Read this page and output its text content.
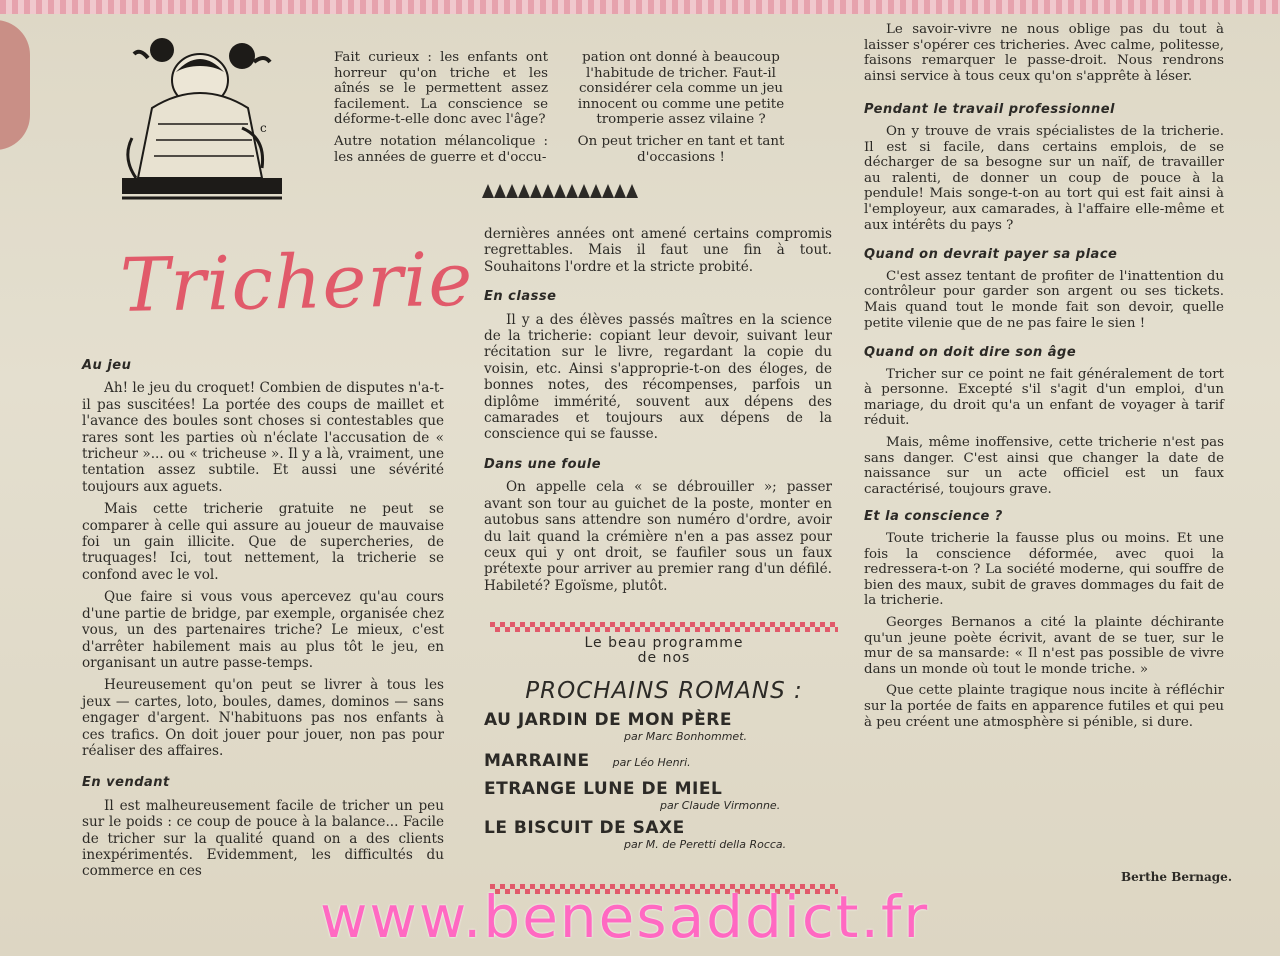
c

Fait curieux : les enfants ont horreur qu'on triche et les aînés se le permettent assez facilement. La conscience se déforme-t-elle donc avec l'âge?

Autre notation mélancolique : les années de guerre et d'occu-

pation ont donné à beaucoup l'habitude de tricher. Faut-il considérer cela comme un jeu innocent ou comme une petite tromperie assez vilaine ?

On peut tricher en tant et tant d'occasions !

Tricherie
Au jeu

Ah! le jeu du croquet! Combien de disputes n'a-t-il pas suscitées! La portée des coups de maillet et l'avance des boules sont choses si contestables que rares sont les parties où n'éclate l'accusation de « tricheur »... ou « tricheuse ». Il y a là, vraiment, une tentation assez subtile. Et aussi une sévérité toujours aux aguets.

Mais cette tricherie gratuite ne peut se comparer à celle qui assure au joueur de mauvaise foi un gain illicite. Que de supercheries, de truquages! Ici, tout nettement, la tricherie se confond avec le vol.

Que faire si vous vous apercevez qu'au cours d'une partie de bridge, par exemple, organisée chez vous, un des partenaires triche? Le mieux, c'est d'arrêter habilement mais au plus tôt le jeu, en organisant un autre passe-temps.

Heureusement qu'on peut se livrer à tous les jeux — cartes, loto, boules, dames, dominos — sans engager d'argent. N'habituons pas nos enfants à ces trafics. On doit jouer pour jouer, non pas pour réaliser des affaires.

En vendant

Il est malheureusement facile de tricher un peu sur le poids : ce coup de pouce à la balance... Facile de tricher sur la qualité quand on a des clients inexpérimentés. Evidemment, les difficultés du commerce en ces

dernières années ont amené certains compromis regrettables. Mais il faut une fin à tout. Souhaitons l'ordre et la stricte probité.

En classe

Il y a des élèves passés maîtres en la science de la tricherie: copiant leur devoir, suivant leur récitation sur le livre, regardant la copie du voisin, etc. Ainsi s'approprie-t-on des éloges, de bonnes notes, des récompenses, parfois un diplôme immérité, souvent aux dépens des camarades et toujours aux dépens de la conscience qui se fausse.

Dans une foule

On appelle cela « se débrouiller »; passer avant son tour au guichet de la poste, monter en autobus sans attendre son numéro d'ordre, avoir du lait quand la crémière n'en a pas assez pour ceux qui y ont droit, se faufiler sous un faux prétexte pour arriver au premier rang d'un défilé. Habileté? Egoïsme, plutôt.

Le beau programme
de nos
PROCHAINS ROMANS :
AU JARDIN DE MON PÈRE
par Marc Bonhommet.
MARRAINE par Léo Henri.
ETRANGE LUNE DE MIEL
par Claude Virmonne.
LE BISCUIT DE SAXE
par M. de Peretti della Rocca.

Le savoir-vivre ne nous oblige pas du tout à laisser s'opérer ces tricheries. Avec calme, politesse, faisons remarquer le passe-droit. Nous rendrons ainsi service à tous ceux qu'on s'apprête à léser.

Pendant le travail professionnel

On y trouve de vrais spécialistes de la tricherie. Il est si facile, dans certains emplois, de se décharger de sa besogne sur un naïf, de travailler au ralenti, de donner un coup de pouce à la pendule! Mais songe-t-on au tort qui est fait ainsi à l'employeur, aux camarades, à l'affaire elle-même et aux intérêts du pays ?

Quand on devrait payer sa place

C'est assez tentant de profiter de l'inattention du contrôleur pour garder son argent ou ses tickets. Mais quand tout le monde fait son devoir, quelle petite vilenie que de ne pas faire le sien !

Quand on doit dire son âge

Tricher sur ce point ne fait généralement de tort à personne. Excepté s'il s'agit d'un emploi, d'un mariage, du droit qu'a un enfant de voyager à tarif réduit.

Mais, même inoffensive, cette tricherie n'est pas sans danger. C'est ainsi que changer la date de naissance sur un acte officiel est un faux caractérisé, toujours grave.

Et la conscience ?

Toute tricherie la fausse plus ou moins. Et une fois la conscience déformée, avec quoi la redressera-t-on ? La société moderne, qui souffre de bien des maux, subit de graves dommages du fait de la tricherie.

Georges Bernanos a cité la plainte déchirante qu'un jeune poète écrivit, avant de se tuer, sur le mur de sa mansarde: « Il n'est pas possible de vivre dans un monde où tout le monde triche. »

Que cette plainte tragique nous incite à réfléchir sur la portée de faits en apparence futiles et qui peu à peu créent une atmosphère si pénible, si dure.

Berthe Bernage.
www.benesaddict.fr
